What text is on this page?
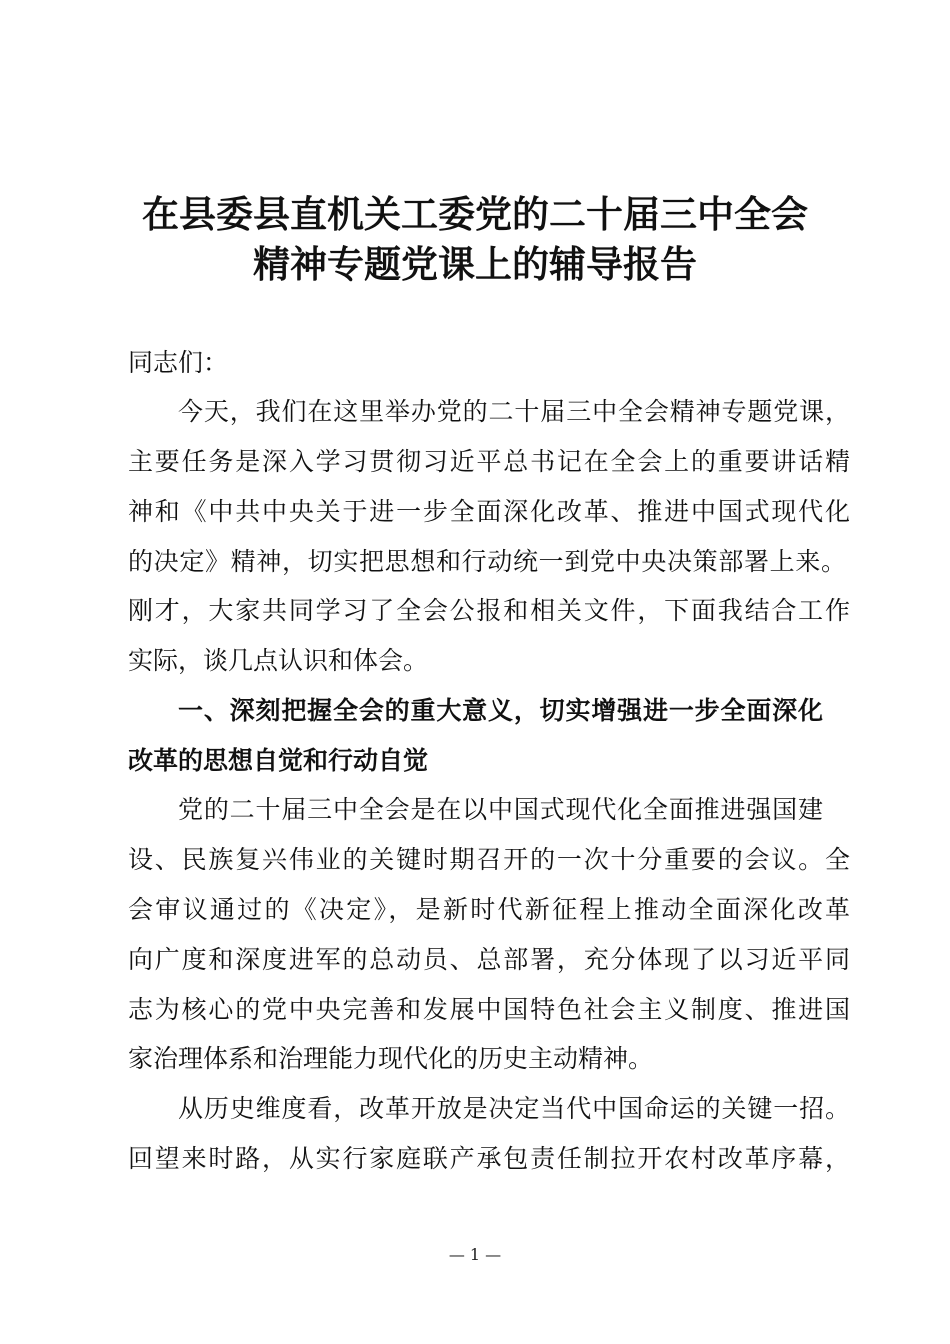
在县委县直机关工委党的二十届三中全会
精神专题党课上的辅导报告
同志们：
今天，我们在这里举办党的二十届三中全会精神专题党课，
主要任务是深入学习贯彻习近平总书记在全会上的重要讲话精
神和《中共中央关于进一步全面深化改革、推进中国式现代化
的决定》精神，切实把思想和行动统一到党中央决策部署上来。
刚才，大家共同学习了全会公报和相关文件，下面我结合工作
实际，谈几点认识和体会。
一、深刻把握全会的重大意义，切实增强进一步全面深化
改革的思想自觉和行动自觉
党的二十届三中全会是在以中国式现代化全面推进强国建
设、民族复兴伟业的关键时期召开的一次十分重要的会议。全
会审议通过的《决定》，是新时代新征程上推动全面深化改革
向广度和深度进军的总动员、总部署，充分体现了以习近平同
志为核心的党中央完善和发展中国特色社会主义制度、推进国
家治理体系和治理能力现代化的历史主动精神。
从历史维度看，改革开放是决定当代中国命运的关键一招。
回望来时路，从实行家庭联产承包责任制拉开农村改革序幕，
— 1 —
